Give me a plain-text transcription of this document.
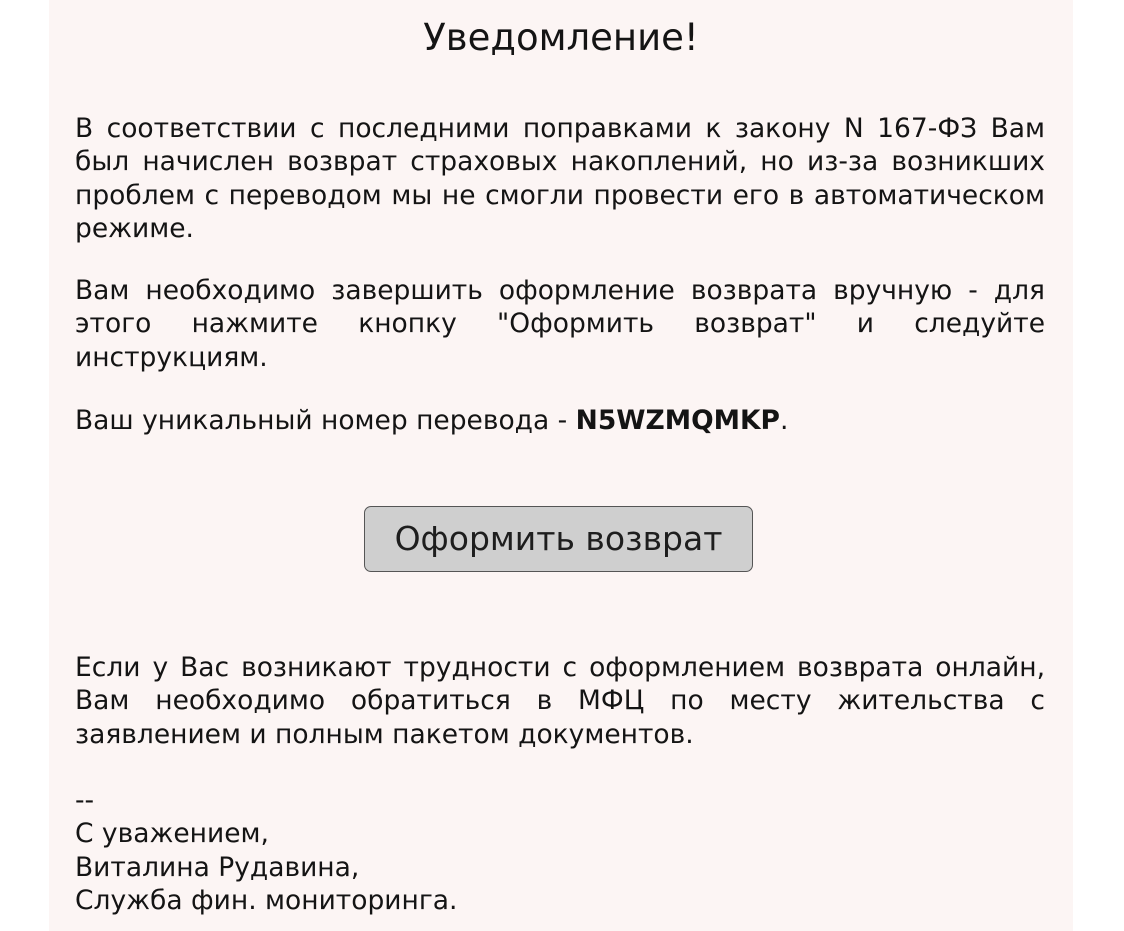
Уведомление!
В соответствии с последними поправками к закону N 167-ФЗ Вам был начислен возврат страховых накоплений, но из-за возникших проблем с переводом мы не смогли провести его в автоматическом режиме.
Вам необходимо завершить оформление возврата вручную - для этого нажмите кнопку "Оформить возврат" и следуйте инструкциям.
Ваш уникальный номер перевода - N5WZMQMKP.
Оформить возврат
Если у Вас возникают трудности с оформлением возврата онлайн, Вам необходимо обратиться в МФЦ по месту жительства с заявлением и полным пакетом документов.
--
С уважением,
Виталина Рудавина,
Служба фин. мониторинга.
